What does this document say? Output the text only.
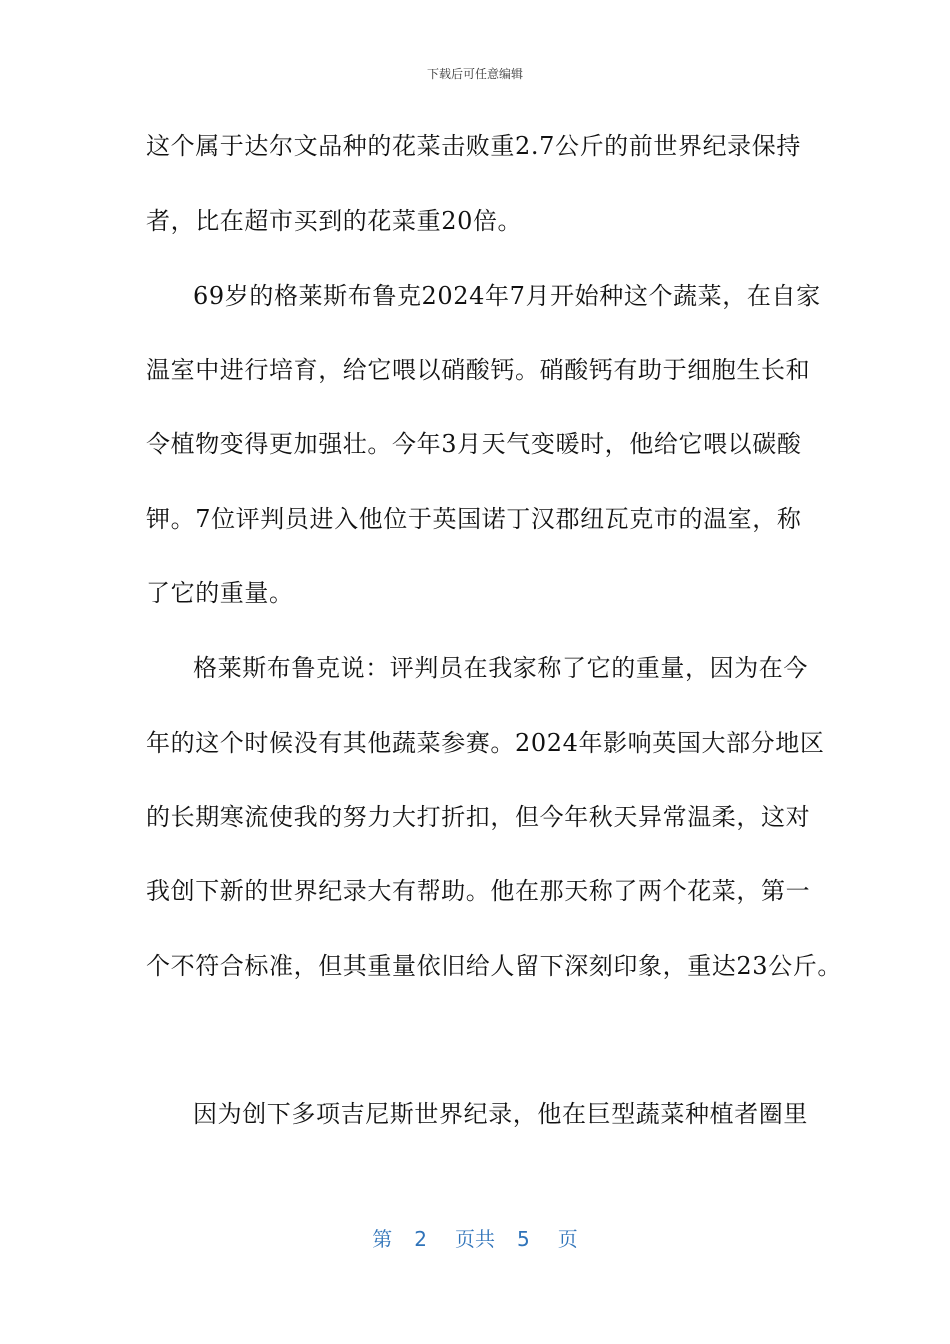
下载后可任意编辑
这个属于达尔文品种的花菜击败重2.7公斤的前世界纪录保持
者，比在超市买到的花菜重20倍。
69岁的格莱斯布鲁克2024年7月开始种这个蔬菜，在自家
温室中进行培育，给它喂以硝酸钙。硝酸钙有助于细胞生长和
令植物变得更加强壮。今年3月天气变暖时，他给它喂以碳酸
钾。7位评判员进入他位于英国诺丁汉郡纽瓦克市的温室，称
了它的重量。
格莱斯布鲁克说：评判员在我家称了它的重量，因为在今
年的这个时候没有其他蔬菜参赛。2024年影响英国大部分地区
的长期寒流使我的努力大打折扣，但今年秋天异常温柔，这对
我创下新的世界纪录大有帮助。他在那天称了两个花菜，第一
个不符合标准，但其重量依旧给人留下深刻印象，重达23公斤。
因为创下多项吉尼斯世界纪录，他在巨型蔬菜种植者圈里
第 2 页共 5 页
